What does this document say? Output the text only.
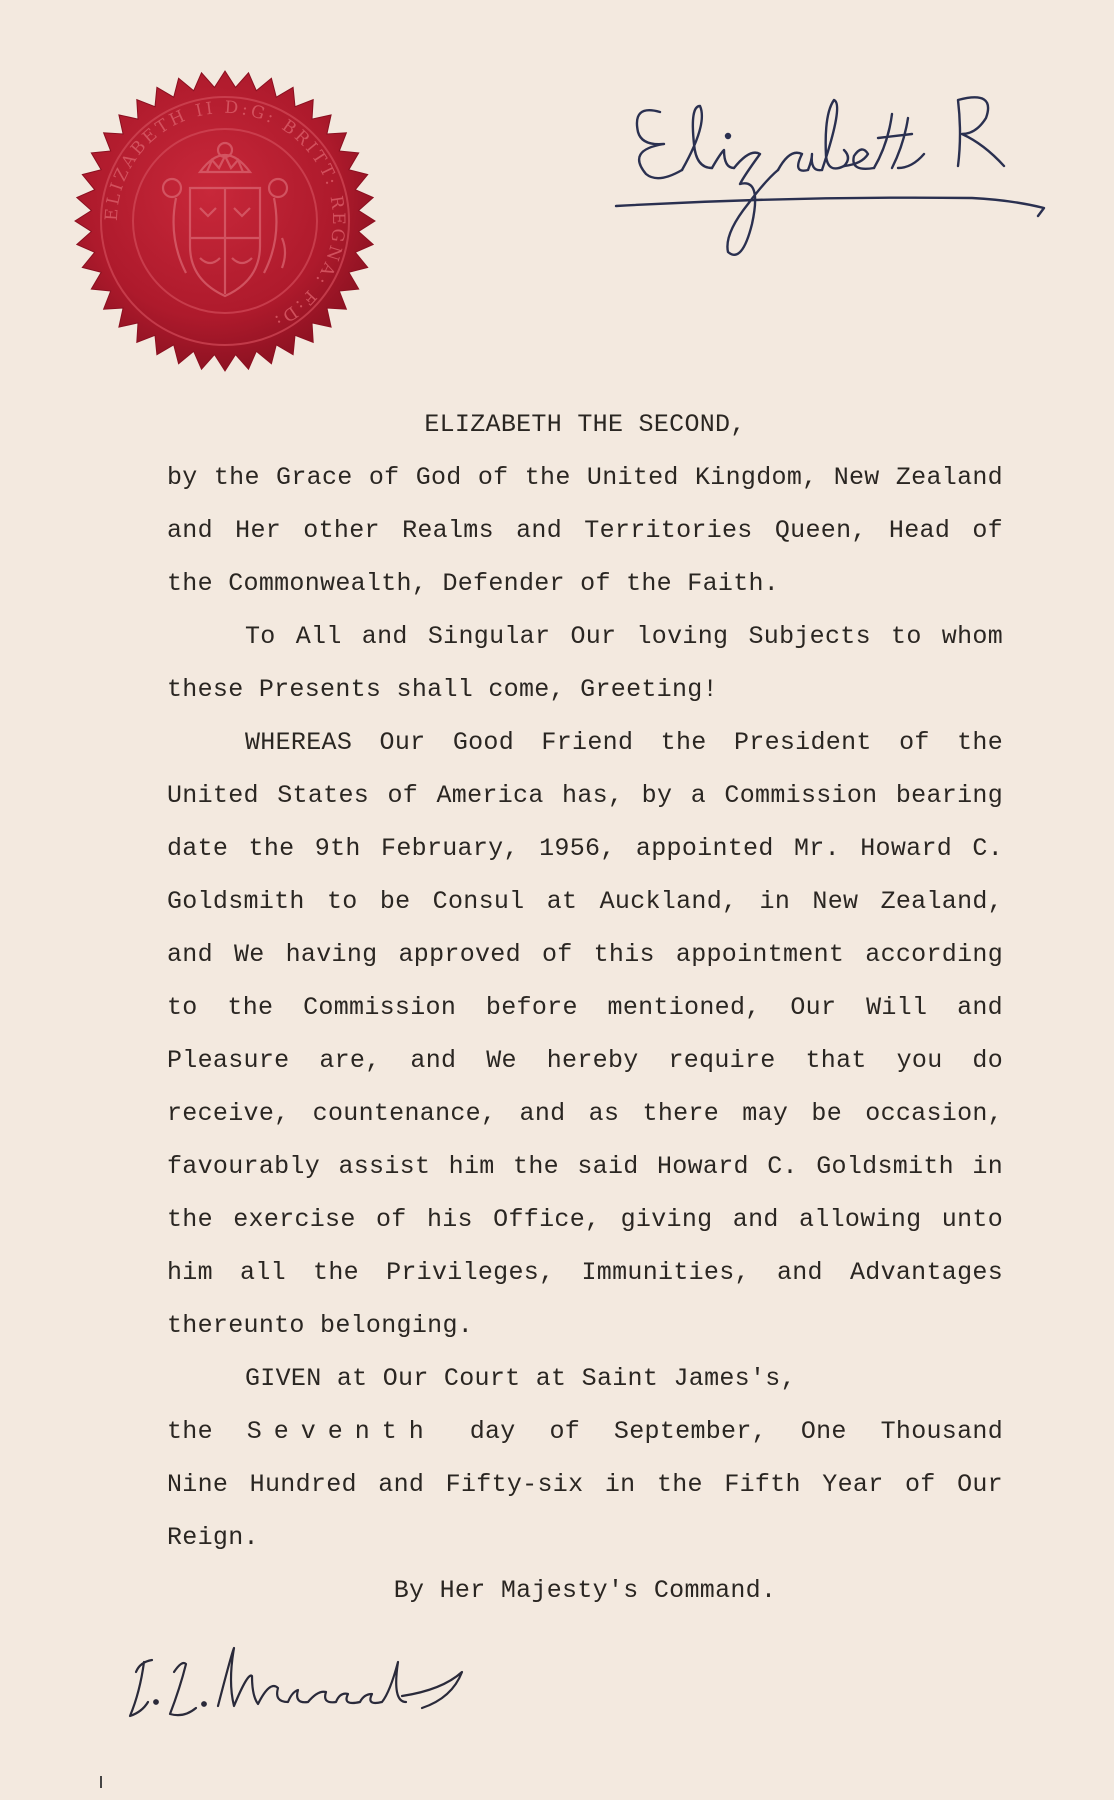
ELIZABETH II D:G: BRITT: REGNA: F:D:
ELIZABETH THE SECOND,
by the Grace of God of the United Kingdom, New Zealand
and Her other Realms and Territories Queen, Head of
the Commonwealth, Defender of the Faith.
To All and Singular Our loving Subjects to whom
these Presents shall come, Greeting!
WHEREAS Our Good Friend the President of the
United States of America has, by a Commission bearing
date the 9th February, 1956, appointed Mr. Howard C.
Goldsmith to be Consul at Auckland, in New Zealand,
and We having approved of this appointment according
to the Commission before mentioned, Our Will and
Pleasure are, and We hereby require that you do
receive, countenance, and as there may be occasion,
favourably assist him the said Howard C. Goldsmith in
the exercise of his Office, giving and allowing unto
him all the Privileges, Immunities, and Advantages
thereunto belonging.
GIVEN at Our Court at Saint James's,
the Seventh day of September, One Thousand
Nine Hundred and Fifty-six in the Fifth Year of Our
Reign.
By Her Majesty's Command.
